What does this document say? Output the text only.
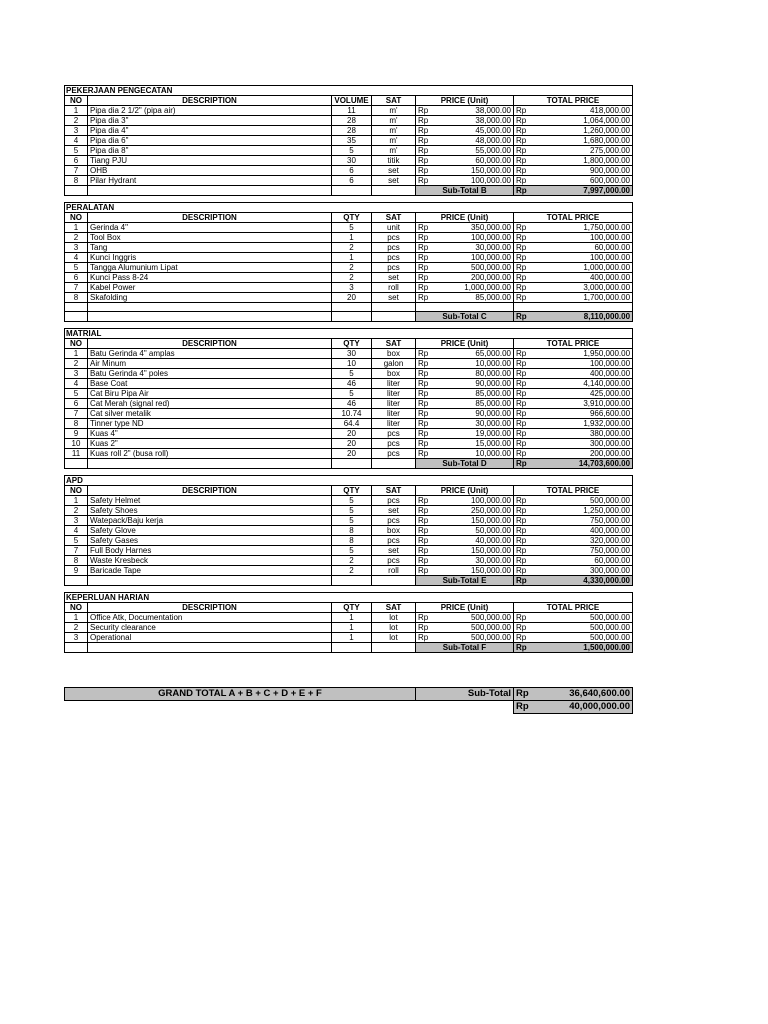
PEKERJAAN PENGECATAN							
NO	DESCRIPTION	VOLUME	SAT	PRICE (Unit)		TOTAL PRICE	
1	Pipa dia 2 1/2" (pipa air)	11	m'	Rp	38,000.00	Rp	418,000.00
2	Pipa dia 3"	28	m'	Rp	38,000.00	Rp	1,064,000.00
3	Pipa dia 4"	28	m'	Rp	45,000.00	Rp	1,260,000.00
4	Pipa dia 6"	35	m'	Rp	48,000.00	Rp	1,680,000.00
5	Pipa dia 8"	5	m'	Rp	55,000.00	Rp	275,000.00
6	Tiang PJU	30	titik	Rp	60,000.00	Rp	1,800,000.00
7	OHB	6	set	Rp	150,000.00	Rp	900,000.00
8	Pilar Hydrant	6	set	Rp	100,000.00	Rp	600,000.00
				Sub-Total B		Rp	7,997,000.00
PERALATAN							
NO	DESCRIPTION	QTY	SAT	PRICE (Unit)		TOTAL PRICE	
1	Gerinda 4"	5	unit	Rp	350,000.00	Rp	1,750,000.00
2	Tool Box	1	pcs	Rp	100,000.00	Rp	100,000.00
3	Tang	2	pcs	Rp	30,000.00	Rp	60,000.00
4	Kunci Inggris	1	pcs	Rp	100,000.00	Rp	100,000.00
5	Tangga Alumunium Lipat	2	pcs	Rp	500,000.00	Rp	1,000,000.00
6	Kunci Pass 8-24	2	set	Rp	200,000.00	Rp	400,000.00
7	Kabel Power	3	roll	Rp	1,000,000.00	Rp	3,000,000.00
8	Skafolding	20	set	Rp	85,000.00	Rp	1,700,000.00

				Sub-Total C		Rp	8,110,000.00
MATRIAL							
NO	DESCRIPTION	QTY	SAT	PRICE (Unit)		TOTAL PRICE	
1	Batu Gerinda 4" amplas	30	box	Rp	65,000.00	Rp	1,950,000.00
2	Air Minum	10	galon	Rp	10,000.00	Rp	100,000.00
3	Batu Gerinda 4" poles	5	box	Rp	80,000.00	Rp	400,000.00
4	Base Coat	46	liter	Rp	90,000.00	Rp	4,140,000.00
5	Cat Biru Pipa Air	5	liter	Rp	85,000.00	Rp	425,000.00
6	Cat Merah (signal red)	46	liter	Rp	85,000.00	Rp	3,910,000.00
7	Cat silver metalik	10.74	liter	Rp	90,000.00	Rp	966,600.00
8	Tinner type ND	64.4	liter	Rp	30,000.00	Rp	1,932,000.00
9	Kuas 4"	20	pcs	Rp	19,000.00	Rp	380,000.00
10	Kuas 2"	20	pcs	Rp	15,000.00	Rp	300,000.00
11	Kuas roll 2" (busa roll)	20	pcs	Rp	10,000.00	Rp	200,000.00
				Sub-Total D		Rp	14,703,600.00
APD							
NO	DESCRIPTION	QTY	SAT	PRICE (Unit)		TOTAL PRICE	
1	Safety Helmet	5	pcs	Rp	100,000.00	Rp	500,000.00
2	Safety Shoes	5	set	Rp	250,000.00	Rp	1,250,000.00
3	Watepack/Baju kerja	5	pcs	Rp	150,000.00	Rp	750,000.00
4	Safety Glove	8	box	Rp	50,000.00	Rp	400,000.00
5	Safety Gases	8	pcs	Rp	40,000.00	Rp	320,000.00
7	Full Body Harnes	5	set	Rp	150,000.00	Rp	750,000.00
8	Waste Kresbeck	2	pcs	Rp	30,000.00	Rp	60,000.00
9	Baricade Tape	2	roll	Rp	150,000.00	Rp	300,000.00
				Sub-Total E		Rp	4,330,000.00
KEPERLUAN HARIAN							
NO	DESCRIPTION	QTY	SAT	PRICE (Unit)		TOTAL PRICE	
1	Office Atk, Documentation	1	lot	Rp	500,000.00	Rp	500,000.00
2	Security clearance	1	lot	Rp	500,000.00	Rp	500,000.00
3	Operational	1	lot	Rp	500,000.00	Rp	500,000.00
				Sub-Total F		Rp	1,500,000.00
GRAND TOTAL A + B + C + D + E + F	Sub-Total	Rp	36,640,600.00
		Rp	40,000,000.00
